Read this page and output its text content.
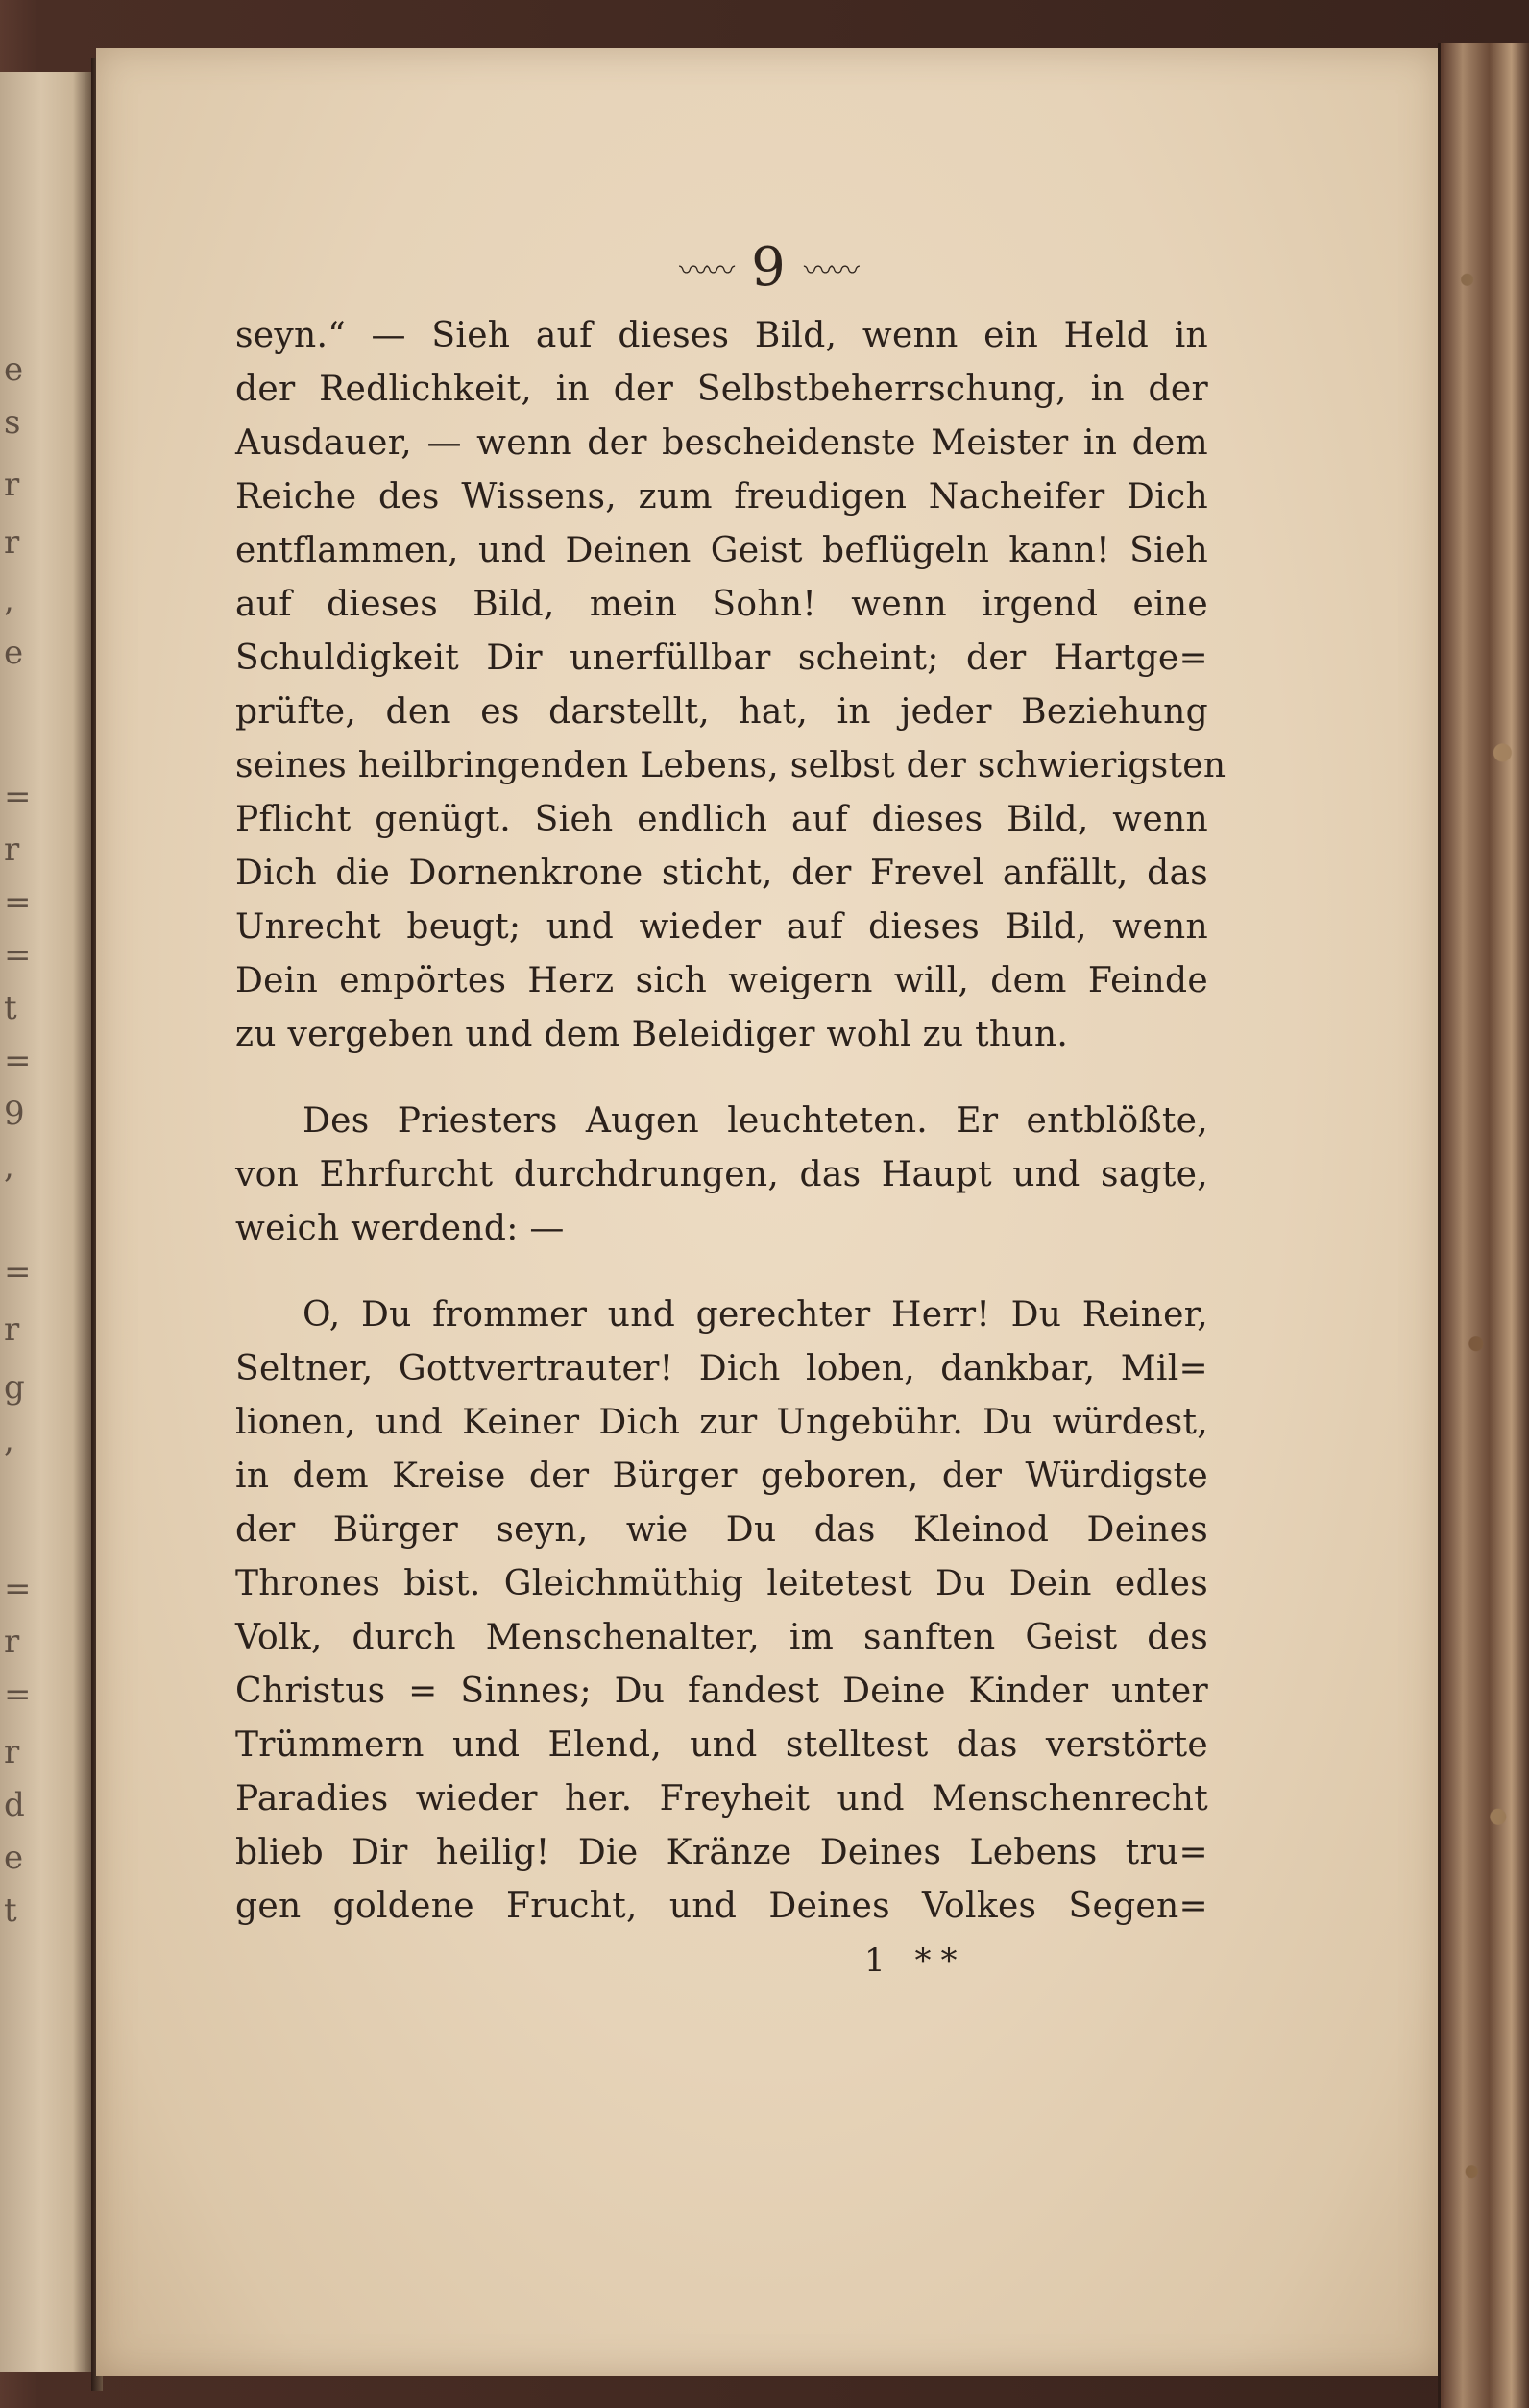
e
s
r
r
,
e
=
r
=
=
t
=
9
,
=
r
g
,
=
r
=
r
d
e
t
〰〰 9 〰〰
seyn.“ — Sieh auf dieses Bild, wenn ein Held in
der Redlichkeit, in der Selbstbeherrschung, in der
Ausdauer, — wenn der bescheidenste Meister in dem
Reiche des Wissens, zum freudigen Nacheifer Dich
entflammen, und Deinen Geist beflügeln kann! Sieh
auf dieses Bild, mein Sohn! wenn irgend eine
Schuldigkeit Dir unerfüllbar scheint; der Hartge=
prüfte, den es darstellt, hat, in jeder Beziehung
seines heilbringenden Lebens, selbst der schwierigsten
Pflicht genügt. Sieh endlich auf dieses Bild, wenn
Dich die Dornenkrone sticht, der Frevel anfällt, das
Unrecht beugt; und wieder auf dieses Bild, wenn
Dein empörtes Herz sich weigern will, dem Feinde
zu vergeben und dem Beleidiger wohl zu thun.
Des Priesters Augen leuchteten. Er entblößte,
von Ehrfurcht durchdrungen, das Haupt und sagte,
weich werdend: —
O, Du frommer und gerechter Herr! Du Reiner,
Seltner, Gottvertrauter! Dich loben, dankbar, Mil=
lionen, und Keiner Dich zur Ungebühr. Du würdest,
in dem Kreise der Bürger geboren, der Würdigste
der Bürger seyn, wie Du das Kleinod Deines
Thrones bist. Gleichmüthig leitetest Du Dein edles
Volk, durch Menschenalter, im sanften Geist des
Christus = Sinnes; Du fandest Deine Kinder unter
Trümmern und Elend, und stelltest das verstörte
Paradies wieder her. Freyheit und Menschenrecht
blieb Dir heilig! Die Kränze Deines Lebens tru=
gen goldene Frucht, und Deines Volkes Segen=
1 **
